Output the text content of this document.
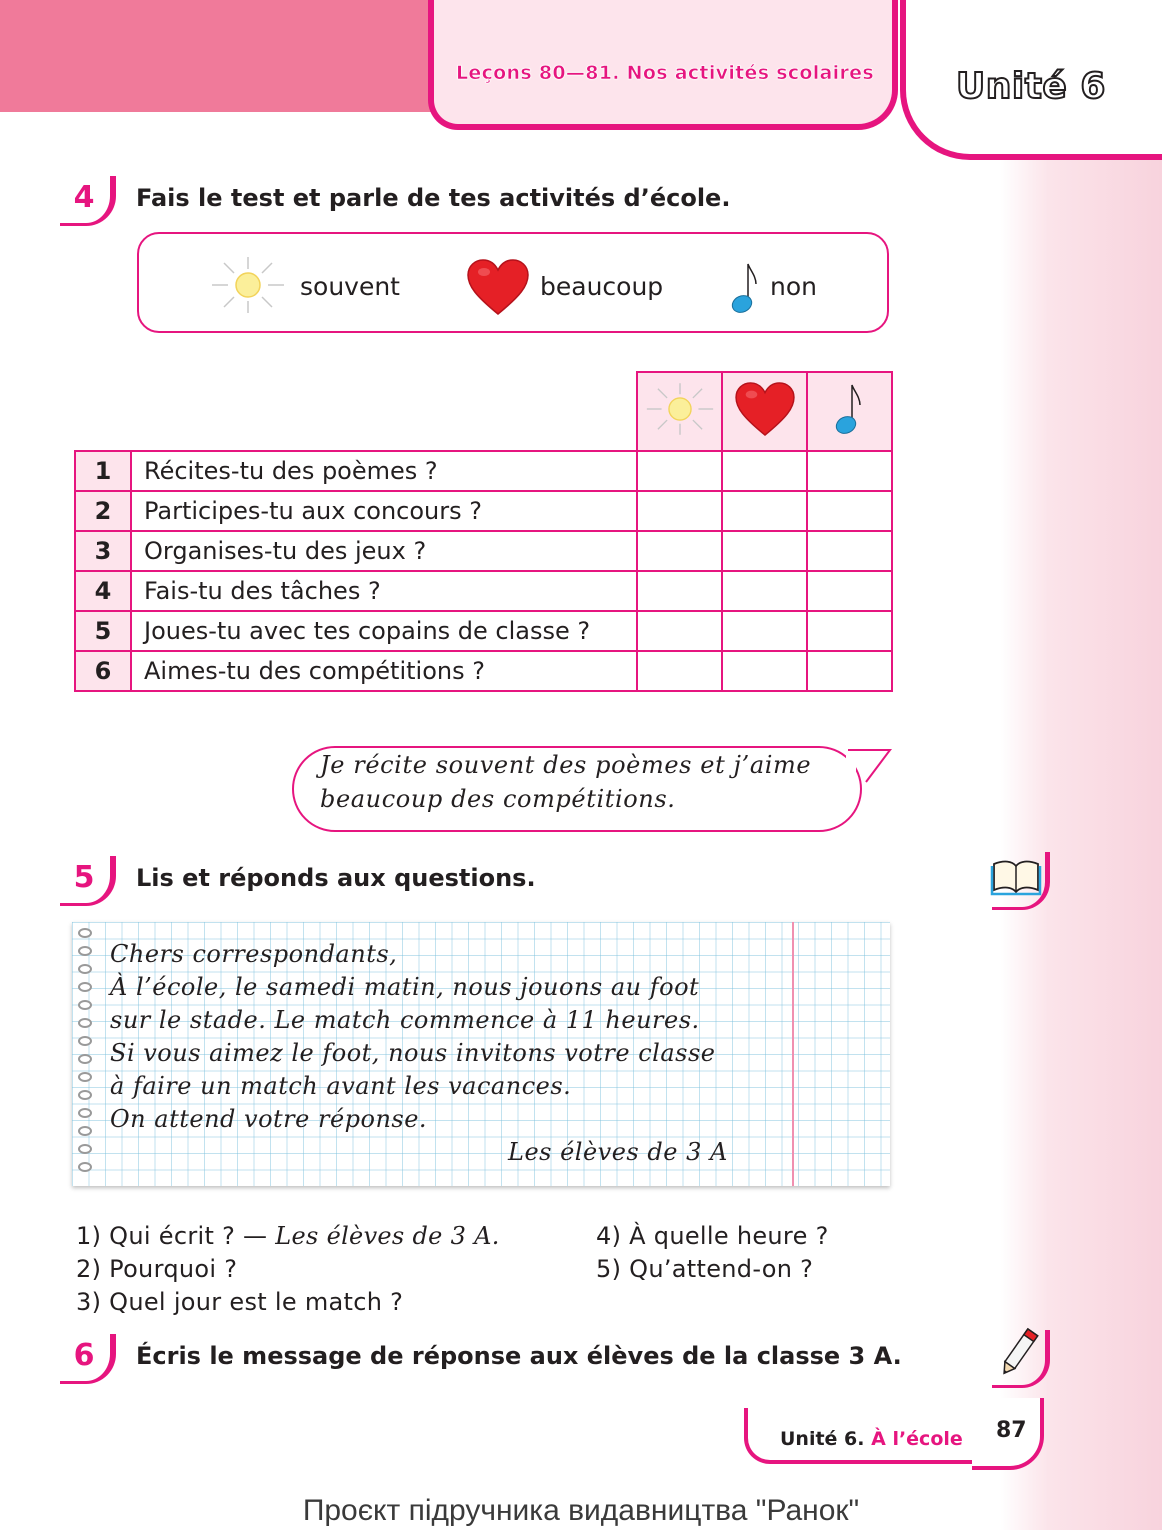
Leçons 80—81. Nos activités scolaires	Unité 6
4	Fais le test et parle de tes activités d’école.
souvent	beaucoup	non

1	Récites-tu des poèmes ?			
2	Participes-tu aux concours ?			
3	Organises-tu des jeux ?			
4	Fais-tu des tâches ?			
5	Joues-tu avec tes copains de classe ?			
6	Aimes-tu des compétitions ?			
Je récite souvent des poèmes et j’aime
beaucoup des compétitions.
5	Lis et réponds aux questions.
Chers correspondants,
À l’école, le samedi matin, nous jouons au foot
sur le stade. Le match commence à 11 heures.
Si vous aimez le foot, nous invitons votre classe
à faire un match avant les vacances.
On attend votre réponse.
Les élèves de 3 A
1) Qui écrit ? — Les élèves de 3 A.
2) Pourquoi ?
3) Quel jour est le match ?
4) À quelle heure ?
5) Qu’attend-on ?
6	Écris le message de réponse aux élèves de la classe 3 A.
Unité 6. À l’école 87
Проєкт підручника видавництва "Ранок"
